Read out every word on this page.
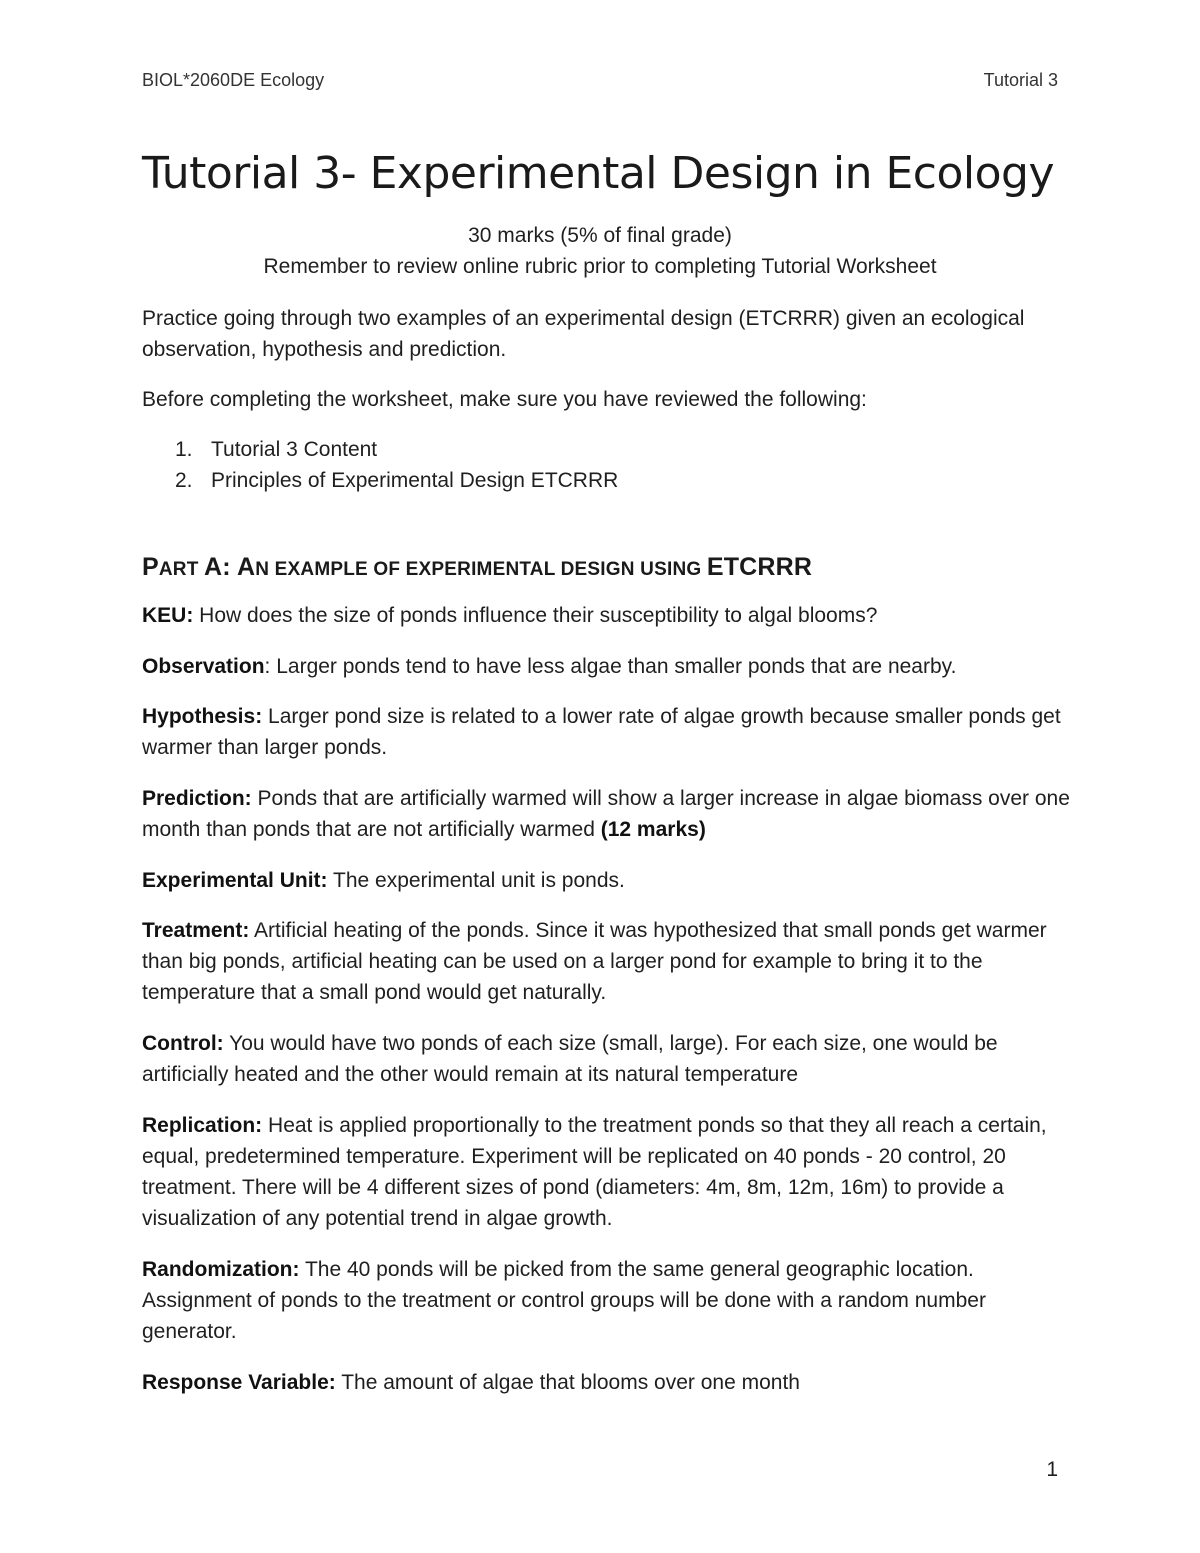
BIOL*2060DE Ecology	Tutorial 3
Tutorial 3- Experimental Design in Ecology
30 marks (5% of final grade)
Remember to review online rubric prior to completing Tutorial Worksheet

Practice going through two examples of an experimental design (ETCRRR) given an ecological observation, hypothesis and prediction.

Before completing the worksheet, make sure you have reviewed the following:

1. Tutorial 3 Content
2. Principles of Experimental Design ETCRRR
PART A: AN EXAMPLE OF EXPERIMENTAL DESIGN USING ETCRRR

KEU: How does the size of ponds influence their susceptibility to algal blooms?

Observation: Larger ponds tend to have less algae than smaller ponds that are nearby.

Hypothesis: Larger pond size is related to a lower rate of algae growth because smaller ponds get warmer than larger ponds.

Prediction: Ponds that are artificially warmed will show a larger increase in algae biomass over one month than ponds that are not artificially warmed (12 marks)

Experimental Unit: The experimental unit is ponds.

Treatment: Artificial heating of the ponds. Since it was hypothesized that small ponds get warmer than big ponds, artificial heating can be used on a larger pond for example to bring it to the temperature that a small pond would get naturally.

Control: You would have two ponds of each size (small, large). For each size, one would be artificially heated and the other would remain at its natural temperature

Replication: Heat is applied proportionally to the treatment ponds so that they all reach a certain, equal, predetermined temperature. Experiment will be replicated on 40 ponds - 20 control, 20 treatment. There will be 4 different sizes of pond (diameters: 4m, 8m, 12m, 16m) to provide a visualization of any potential trend in algae growth.

Randomization: The 40 ponds will be picked from the same general geographic location. Assignment of ponds to the treatment or control groups will be done with a random number generator.

Response Variable: The amount of algae that blooms over one month

1
